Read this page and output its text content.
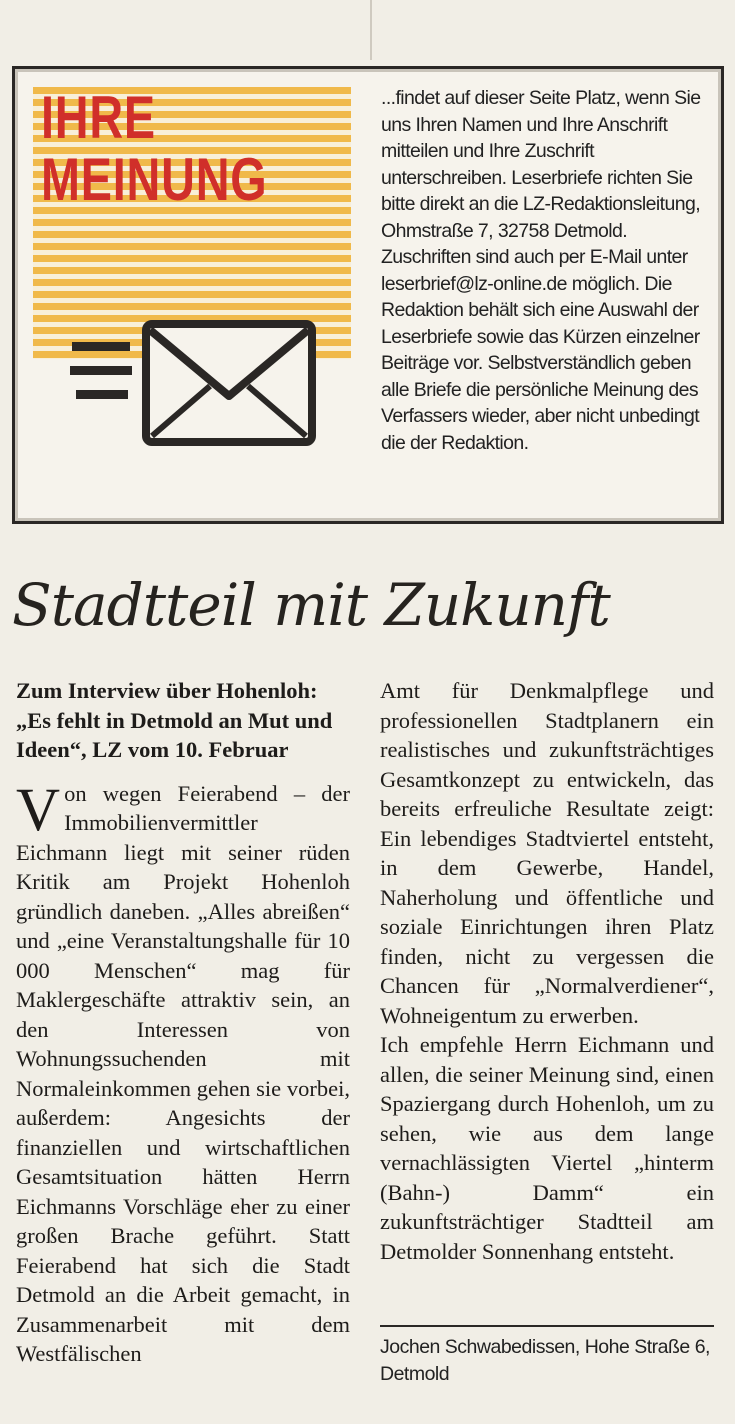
IHRE
MEINUNG

...findet auf dieser Seite Platz, wenn Sie uns Ihren Namen und Ihre Anschrift mitteilen und Ihre Zuschrift unterschreiben. Leserbriefe richten Sie bitte direkt an die LZ-Redaktionsleitung, Ohmstraße 7, 32758 Detmold. Zuschriften sind auch per E-Mail unter leserbrief@lz-online.de möglich. Die Redaktion behält sich eine Auswahl der Leserbriefe sowie das Kürzen einzelner Beiträge vor. Selbstverständlich geben alle Briefe die persönliche Meinung des Verfassers wieder, aber nicht unbedingt die der Redaktion.

Stadtteil mit Zukunft

Zum Interview über Hohenloh: „Es fehlt in Detmold an Mut und Ideen“, LZ vom 10. Februar

Von wegen Feierabend – der Immobilienvermittler Eichmann liegt mit seiner rüden Kritik am Projekt Hohenloh gründlich daneben. „Alles abreißen“ und „eine Veranstaltungshalle für 10 000 Menschen“ mag für Maklergeschäfte attraktiv sein, an den Interessen von Wohnungssuchenden mit Normaleinkommen gehen sie vorbei, außerdem: Angesichts der finanziellen und wirtschaftlichen Gesamtsituation hätten Herrn Eichmanns Vorschläge eher zu einer großen Brache geführt. Statt Feierabend hat sich die Stadt Detmold an die Arbeit gemacht, in Zusammenarbeit mit dem Westfälischen

Amt für Denkmalpflege und professionellen Stadtplanern ein realistisches und zukunftsträchtiges Gesamtkonzept zu entwickeln, das bereits erfreuliche Resultate zeigt: Ein lebendiges Stadtviertel entsteht, in dem Gewerbe, Handel, Naherholung und öffentliche und soziale Einrichtungen ihren Platz finden, nicht zu vergessen die Chancen für „Normalverdiener“, Wohneigentum zu erwerben.

Ich empfehle Herrn Eichmann und allen, die seiner Meinung sind, einen Spaziergang durch Hohenloh, um zu sehen, wie aus dem lange vernachlässigten Viertel „hinterm (Bahn-) Damm“ ein zukunftsträchtiger Stadtteil am Detmolder Sonnenhang entsteht.

Jochen Schwabedissen, Hohe Straße 6, Detmold
